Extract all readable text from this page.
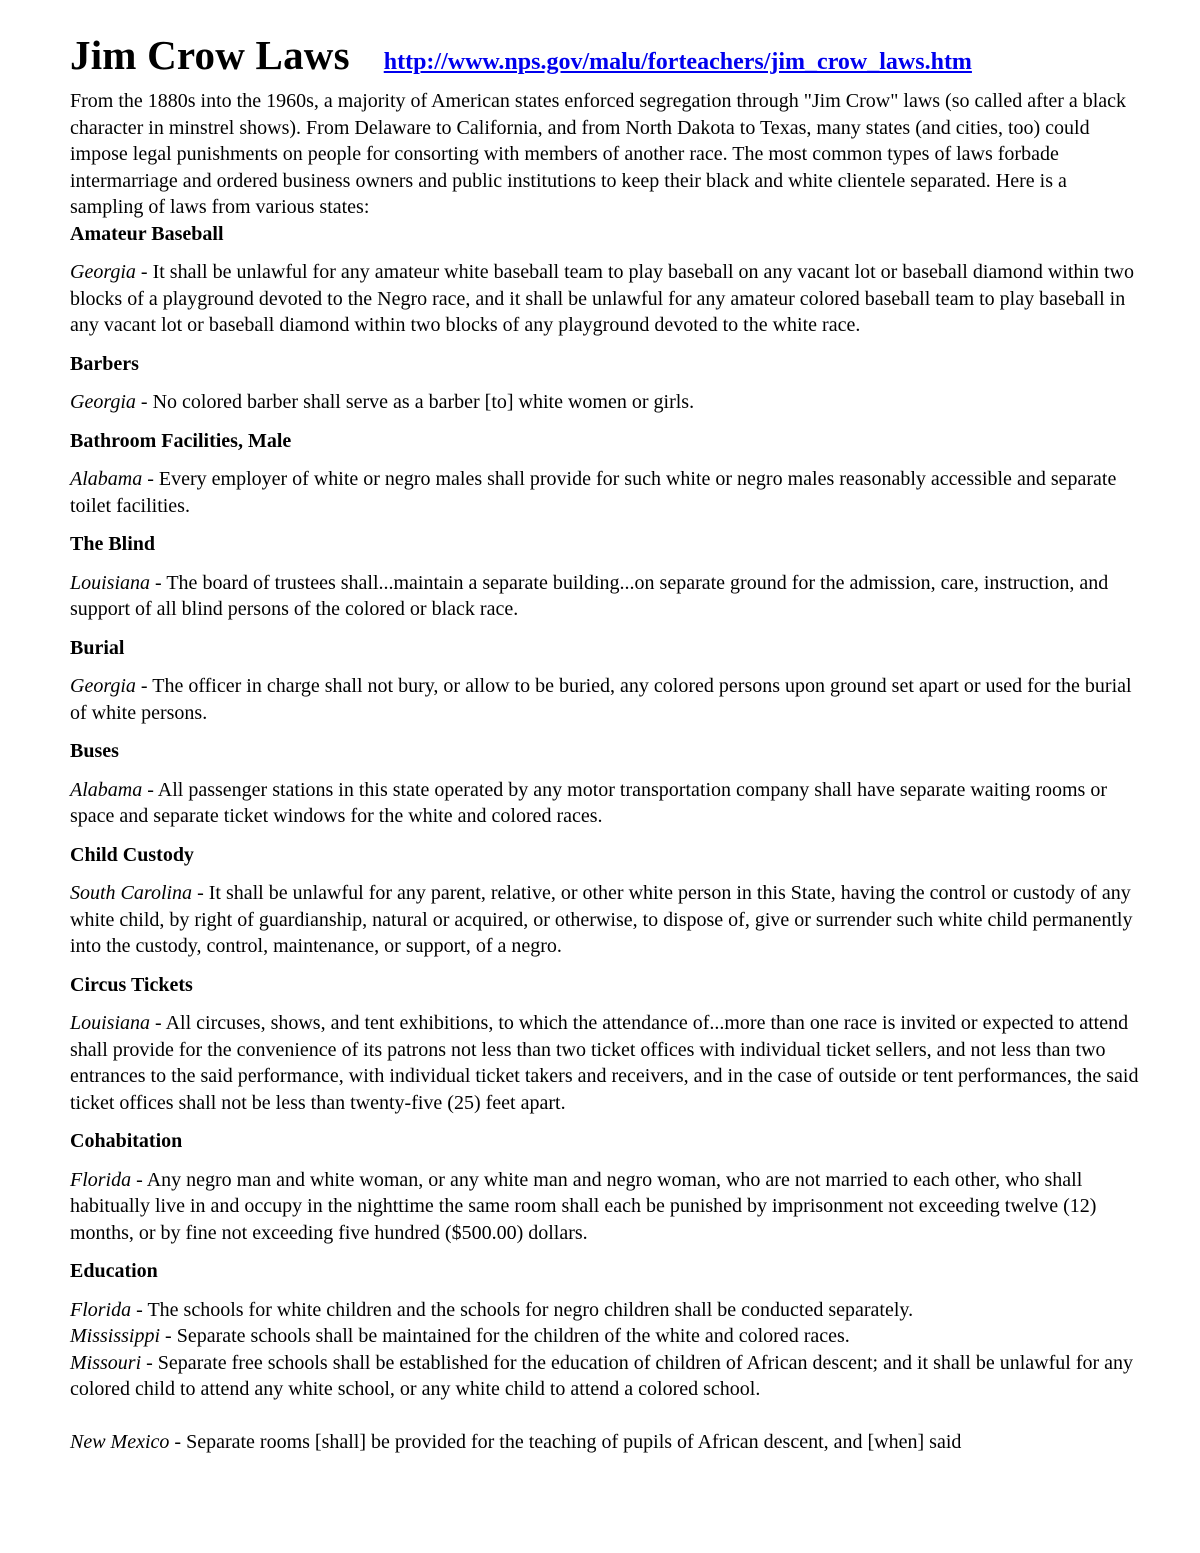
Jim Crow Laws http://www.nps.gov/malu/forteachers/jim_crow_laws.htm

From the 1880s into the 1960s, a majority of American states enforced segregation through "Jim Crow" laws (so called after a black character in minstrel shows). From Delaware to California, and from North Dakota to Texas, many states (and cities, too) could impose legal punishments on people for consorting with members of another race. The most common types of laws forbade intermarriage and ordered business owners and public institutions to keep their black and white clientele separated. Here is a sampling of laws from various states:

Amateur Baseball

Georgia - It shall be unlawful for any amateur white baseball team to play baseball on any vacant lot or baseball diamond within two blocks of a playground devoted to the Negro race, and it shall be unlawful for any amateur colored baseball team to play baseball in any vacant lot or baseball diamond within two blocks of any playground devoted to the white race.

Barbers

Georgia - No colored barber shall serve as a barber [to] white women or girls.

Bathroom Facilities, Male

Alabama - Every employer of white or negro males shall provide for such white or negro males reasonably accessible and separate toilet facilities.

The Blind

Louisiana - The board of trustees shall...maintain a separate building...on separate ground for the admission, care, instruction, and support of all blind persons of the colored or black race.

Burial

Georgia - The officer in charge shall not bury, or allow to be buried, any colored persons upon ground set apart or used for the burial of white persons.

Buses

Alabama - All passenger stations in this state operated by any motor transportation company shall have separate waiting rooms or space and separate ticket windows for the white and colored races.

Child Custody

South Carolina - It shall be unlawful for any parent, relative, or other white person in this State, having the control or custody of any white child, by right of guardianship, natural or acquired, or otherwise, to dispose of, give or surrender such white child permanently into the custody, control, maintenance, or support, of a negro.

Circus Tickets

Louisiana - All circuses, shows, and tent exhibitions, to which the attendance of...more than one race is invited or expected to attend shall provide for the convenience of its patrons not less than two ticket offices with individual ticket sellers, and not less than two entrances to the said performance, with individual ticket takers and receivers, and in the case of outside or tent performances, the said ticket offices shall not be less than twenty-five (25) feet apart.

Cohabitation

Florida - Any negro man and white woman, or any white man and negro woman, who are not married to each other, who shall habitually live in and occupy in the nighttime the same room shall each be punished by imprisonment not exceeding twelve (12) months, or by fine not exceeding five hundred ($500.00) dollars.

Education

Florida - The schools for white children and the schools for negro children shall be conducted separately.

Mississippi - Separate schools shall be maintained for the children of the white and colored races.

Missouri - Separate free schools shall be established for the education of children of African descent; and it shall be unlawful for any colored child to attend any white school, or any white child to attend a colored school.

New Mexico - Separate rooms [shall] be provided for the teaching of pupils of African descent, and [when] said
